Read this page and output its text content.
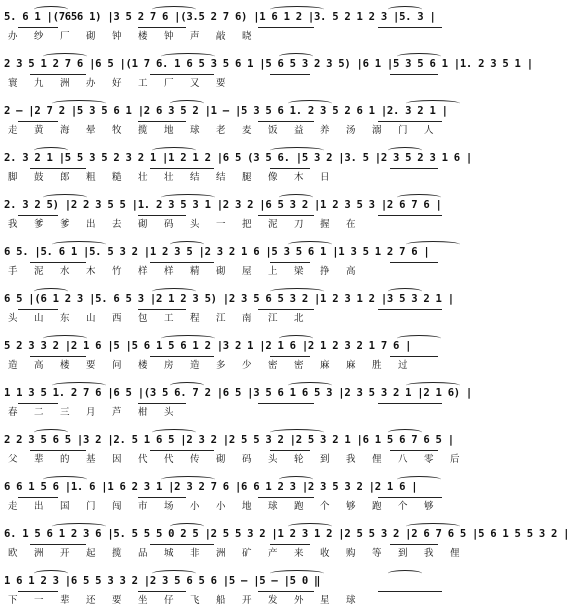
5. 6 1 |(7656 1) |3 5 2 7 6 |(3.5 2 7 6) |1 6 1 2 |3. 5 2 1 2 3 |5. 3 |
办 纱 厂 砌 钟 楼 钟 声 敲 晓
2 3 5 1 2 7 6 |6 5 |(1 7 6. 1 6 5 3 5 6 1 |5 6 5 3 2 3 5) |6 1 |5 3 5 6 1 |1. 2 3 5 1 |
寰 九 洲 办 好 工 厂 又 要
2 — |2 7 2 |5 3 5 6 1 |2 6 3 5 2 |1 — |5 3 5 6 1. 2 3 5 2 6 1 |2. 3 2 1 |
走 黄 海 晕 牧 揽 地 球 老 麦 饭 益 养 汤 溺 门 人
2. 3 2 1 |5 5 3 5 2 3 2 1 |1 2 1 2 |6 5 (3 5 6. |5 3 2 |3. 5 |2 3 5 2 3 1 6 |
脚 鼓 郎 粗 糙 壮 壮 结 结 腿 像 木 日
2. 3 2 5) |2 2 3 5 5 |1. 2 3 5 3 1 |2 3 2 |6 5 3 2 |1 2 3 5 3 |2 6 7 6 |
我 爹 爹 出 去 砌 码 头 一 把 泥 刀 握 在
6 5. |5. 6 1 |5. 5 3 2 |1 2 3 5 |2 3 2 1 6 |5 3 5 6 1 |1 3 5 1 2 7 6 |
手 泥 水 木 竹 样 样 精 砌 屋 上 梁 挣 高
6 5 |(6 1 2 3 |5. 6 5 3 |2 1 2 3 5) |2 3 5 6 5 3 2 |1 2 3 1 2 |3 5 3 2 1 |
头 山 东 山 西 包 工 程 江 南 江 北
5 2 3 3 2 |2 1 6 |5 |5 6 1 5 6 1 2 |3 2 1 |2 1 6 |2 1 2 3 2 1 7 6 |
造 高 楼 要 问 楼 房 造 多 少 密 密 麻 麻 胜 过
1 1 3 5 1. 2 7 6 |6 5 |(3 5 6. 7 2 |6 5 |3 5 6 1 6 5 3 |2 3 5 3 2 1 |2 1 6) |
春 二 三 月 芦 柑 头
2 2 3 5 6 5 |3 2 |2. 5 1 6 5 |2 3 2 |2 5 5 3 2 |2 5 3 2 1 |6 1 5 6 7 6 5 |
父 辈 的 基 因 代 代 传 砌 码 头 轮 到 我 俚 八 零 后
6 6 1 5 6 |1. 6 |1 6 2 3 1 |2 3 2 7 6 |6 6 1 2 3 |2 3 5 3 2 |2 1 6 |
走 出 国 门 闯 市 场 小 小 地 球 跑 个 够 跑 个 够
6. 1 5 6 1 2 3 6 |5. 5 5 5 0 2 5 |2 5 5 3 2 |1 2 3 1 2 |2 5 5 3 2 |2 6 7 6 5 |5 6 1 5 5 3 2 |
欧 洲 开 起 揽 品 城 非 洲 矿 产 来 收 购 等 到 我 俚
1 6 1 2 3 |6 5 5 3 3 2 |2 3 5 6 5 6 |5 — |5 — |5 0 ‖
下 一 辈 还 要 坐 仔 飞 船 开 发 外 星 球
